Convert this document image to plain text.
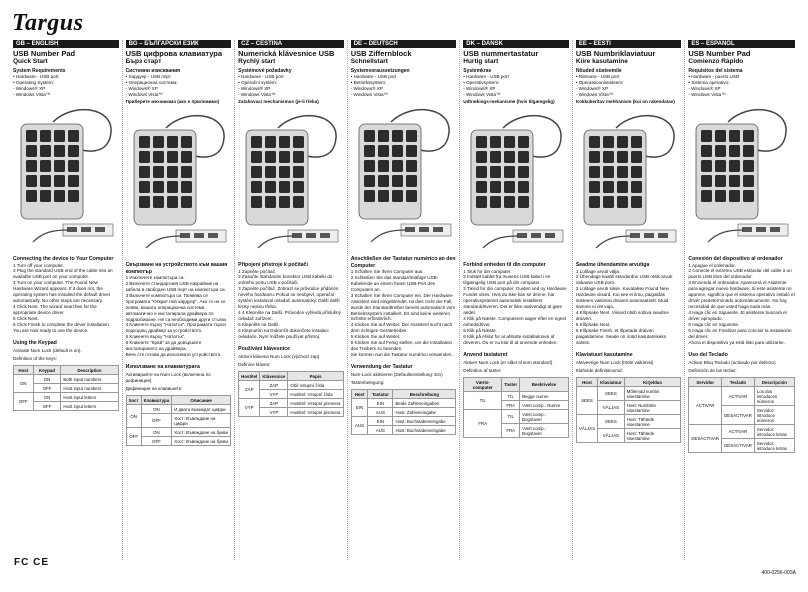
Targus
GB – ENGLISH
USB Number Pad
Quick Start
System Requirements
• Hardware - USB port
• Operating System:
- Windows® XP
- Windows Vista™
Connecting the device to Your Computer
1 Turn off your computer.
2 Plug the standard USB end of the cable into an available USB port on your computer.
3 Turn on your computer. The Found New Hardware Wizard appears. If it does not, the operating system has installed the default driver automatically. No other steps are necessary.
4 Click Next. The wizard searches for the appropriate device driver.
5 Click Next.
6 Click Finish to complete the driver installation.
You are now ready to use the device.
Using the Keypad
Activate Num Lock (default is on).
Definition of the keys:
Host	Keypad	Description
ON	ON	Both input numbers
	OFF	Host input numbers
OFF	ON	Host input letters
	OFF	Host input letters
BG – БЪЛГАРСКИ ЕЗИК
USB цифрова клавиатура
Бърз старт
Системни изисквания
• Хардуер - USB порт
• Операционна система:
- Windows® XP
- Windows Vista™
Приберете механизма (ако е приложимо)
Свързване на устройството към вашия компютър
1 Изключете компютъра си.
2 Включете стандартния USB накрайник на кабела в свободен USB порт на компютъра си.
3 Включете компютъра си. Появява се програмата "Открит нов хардуер". Ако то не се появи, вашата операционна система автоматично е инсталирала драйвера по подразбиране. Не са необходими други стъпки.
4 Кликнете върху "Нататък". Програмата търси подходящ драйвер за устройството.
5 Кликнете върху "Нататък".
6 Кликнете "Край" за да довършите инсталирането на драйвера.
Вече сте готови да използвате устройството.
Използване на клавиатурата
Активирайте на Num Lock (включена по дефиниция)
Дефиниция на клавишите:
Хост	Клавиатура	Описание
ON	ON	И двата въвеждат цифри
	OFF	Хост: Въвеждане на цифри
OFF	ON	Хост: Въвеждане на букви
	OFF	Хост: Въвеждане на букви
CZ – ČEŠTINA
Numerická klávesnice USB
Rychlý start
Systémové požadavky
• Hardware - USB port
• Operační systém:
- Windows® XP
- Windows Vista™
Zatahovací mechanismus (je-li třeba)
Připojení přístroje k počítači
1 Zapněte počítač.
2 Zasuňte standardní konektor USB kabelu do volného portu USB v počítači.
3 Zapněte počítač. Zobrazí se průvodce přidáním nového hardwaru. Pokud se neobjeví, operační systém instaloval ovladač automaticky. Další další kroky nejsou třeba.
4 4 Klepněte na Další. Průvodce vyhledá příslušný ovladač zařízení.
5 Klepněte na Další.
6 Klepnutím na Dokončit dokončete instalaci ovladače. Nyní můžete používat přístroj.
Používání klávesnice
Aktivní klávesa Num Lock (výchozí zap)
Definice kláves:
Hostitel	Klávesnice	Popis
ZAP	ZAP	Obě vstupní čísla
	VYP	Hostitel: Vstupní čísla
VYP	ZAP	Hostitel: Vstupní písmena
	VYP	Hostitel: Vstupní písmena
DE – DEUTSCH
USB Ziffernblock
Schnellstart
Systemvoraussetzungen
• Hardware - USB port
• Betriebssystem:
- Windows® XP
- Windows Vista™
Anschließen der Tastatur numérico an den Computer
1 Schalten Sie Ihren Computer aus.
2 Schließen Sie das standardmäßige USB-Kabelende an einem freien USB-Port des Computers an.
3 Schalten Sie Ihren Computer ein. Der Hardware-Assistent wird eingeblendet. Ist dies nicht der Fall, wurde der Standardtreiber bereits automatisch vom Betriebssystem installiert. Es sind keine weiteren Schritte erforderlich.
4 Klicken Sie auf Weiter. Der Assistent sucht nach dem richtigen Gerätetreiber.
5 Klicken Sie auf Weiter.
6 Klicken Sie auf Fertig stellen, um die Installation des Treibers zu beenden.
Sie können nun die Tastatur numérico verwenden.
Verwendung der Tastatur
Num-Lock aktivieren (Defaulteinstellung: Ein)
Tastenbelegung:
Host	Tastatur	Beschreibung
EIN	EIN	Beide Zahleneingaben
	AUS	Host: Zahleneingabe
AUS	EIN	Host: Buchstabeneingabe
	AUS	Host: Buchstabeneingabe
DK – DANSK
USB nummertastatur
Hurtig start
Systemkrav
• Hardware - USB port
• Operativsystem:
- Windows® XP
- Windows Vista™
Udtrækings-mekanisme (hvis tilgængelig)
Forbind enheden til din computer
1 Sluk for din computer.
2 Indsæt kablet fra musens USB kabel i en tilgængelig USB port på din computer.
3 Tænd for din computer. Guiden ved ny Hardware Fundet vises. Hvis du ikke kan se denne, har operativsystemet automatisk installeret standarddriveren. Det er ikke nødvendigt at gøre andet.
4 Klik på Næste. Computeren søger efter en egnet enhedsdriver.
5 Klik på Næste.
6 Klik på Afslut for at afslutte installationen af driveren. Du er nu klar til at anvende enheden.
Anvend tastaturet
Aktiver Num Lock (er slået til som standard)
Definition af taster:
Værts-computer	Taster	Beskrivelse
TIL	TIL	Begge numre
	FRA	Vært.comp.: Numre
FRA	TIL	Vært.comp.: Bogstaver
	FRA	Vært.comp.: Bogstaver
EE – EESTI
USB Numbriklaviatuur
Kiire kasutamine
Nõuded süsteemile
• Riistvara - USB port
• Operatsioonisüsteem:
- Windows® XP
- Windows Vista™
Kokkukeritav mehhanism (kui on rakendatav)
Seadme ühendamine arvutiga
1 Lülitage arvuti välja.
2 Ühendage kaabli standardne USB otsik arvuti vabasse USB porti.
3 Lülitage arvuti sisse. Kuvatakse Found New Hardware viisard. Kui see ei ilmu, paigaldas süsteem vaikimisi draiveri automaatselt. Muid samme ei ole vaja.
4 Klõpsake Next. Viisard otsib sobiva seadme draiveri.
5 Klõpsake Next.
6 Klõpsake Finish, et lõpetada draiveri paigaldamine. Seade on nüüd kasutamiseks valmis.
Klaviatuuri kasutamine
Aktiveerige Num Lock (tööle vaikimisi)
Klahvide definitsioonid:
Host	Klaviatuur	Kirjeldus
SEES	SEES	Mõlemad numbri sisestamine
	VÄLJAS	Host: Numbrite sisestamine
VÄLJAS	SEES	Host: Tähtede sisestamine
	VÄLJAS	Host: Tähtede sisestamine
ES – ESPAÑOL
USB Number Pad
Comienzo Rápido
Requisitos del sistema
• Hardware - puerto USB
• Sistema operativo:
- Windows® XP
- Windows Vista™
Conexión del dispositivo al ordenador
1 Apague el ordenador.
2 Conecte el extremo USB estándar del cable a un puerto USB libre del ordenador.
3 Encienda el ordenador. Aparecerá el Asistente para agregar nuevo hardware. Si este asistente no aparece, significa que el sistema operativo instaló el driver predeterminado automáticamente. No hay necesidad de que usted haga nada más.
4 Haga clic en Siguiente. El asistente buscará el driver apropiado.
5 Haga clic en Siguiente.
6 Haga clic en Finalizar para concluir la instalación del driver.
Ahora el dispositivo ya está listo para utilizarse.
Uso del Teclado
Activar Bloq Teclado (activado por defecto)
Definición de las teclas:
Servidor	Teclado	Descripción
ACTIVAR	ACTIVAR	Los dos introducen números
	DESACTIVAR	Servidor: introduce números
DESACTIVAR	ACTIVAR	Servidor: introduce letras
	DESACTIVAR	Servidor: introduce letras
FC CE
400-0256-003A
